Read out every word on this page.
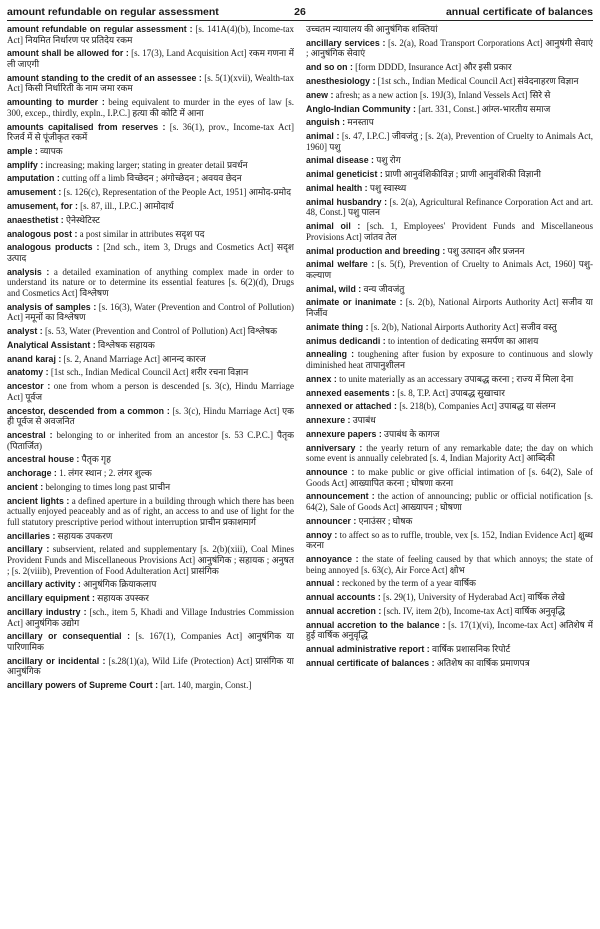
amount refundable on regular assessment	26	annual certificate of balances
amount refundable on regular assessment : [s. 141A(4)(b), Income-tax Act] नियमित निर्धारण पर प्रतिदेय रकम
amount shall be allowed for : [s. 17(3), Land Acquisition Act] रकम गणना में ली जाएगी
amount standing to the credit of an assessee : [s. 5(1)(xvii), Wealth-tax Act] किसी निर्धारिती के नाम जमा रकम
amounting to murder : being equivalent to murder in the eyes of law [s. 300, excep., thirdly, expln., I.P.C.] हत्या की कोटि में आना
amounts capitalised from reserves : [s. 36(1), prov., Income-tax Act] रिजर्व में से पूंजीकृत रकमें
ample : व्यापक
amplify : increasing; making larger; stating in greater detail प्रवर्धन
amputation : cutting off a limb विच्छेदन ; अंगोच्छेदन ; अवयव छेदन
amusement : [s. 126(c), Representation of the People Act, 1951] आमोद-प्रमोद
amusement, for : [s. 87, ill., I.P.C.] आमोदार्थ
anaesthetist : ऐनेस्थेटिस्ट
analogous post : a post similar in attributes सदृश पद
analogous products : [2nd sch., item 3, Drugs and Cosmetics Act] सदृश उत्पाद
analysis : a detailed examination of anything complex made in order to understand its nature or to determine its essential features [s. 6(2)(d), Drugs and Cosmetics Act] विश्लेषण
analysis of samples : [s. 16(3), Water (Prevention and Control of Pollution) Act] नमूनों का विश्लेषण
analyst : [s. 53, Water (Prevention and Control of Pollution) Act] विश्लेषक
Analytical Assistant : विश्लेषक सहायक
anand karaj : [s. 2, Anand Marriage Act] आनन्द कारज
anatomy : [1st sch., Indian Medical Council Act] शरीर रचना विज्ञान
ancestor : one from whom a person is descended [s. 3(c), Hindu Marriage Act] पूर्वज
ancestor, descended from a common : [s. 3(c), Hindu Marriage Act] एक ही पूर्वज से अवजनित
ancestral : belonging to or inherited from an ancestor [s. 53 C.P.C.] पैतृक (पितार्जित)
ancestral house : पैतृक गृह
anchorage : 1. लंगर स्थान ; 2. लंगर शुल्क
ancient : belonging to times long past प्राचीन
ancient lights : a defined aperture in a building through which there has been actually enjoyed peaceably and as of right, an access to and use of light for the full statutory prescriptive period without interruption प्राचीन प्रकाशमार्ग
ancillaries : सहायक उपकरण
ancillary : subservient, related and supplementary [s. 2(b)(xiii), Coal Mines Provident Funds and Miscellaneous Provisions Act] आनुषंगिक ; सहायक ; अनुषत ; [s. 2(viiib), Prevention of Food Adulteration Act] प्रासंगिक
ancillary activity : आनुषंगिक क्रियाकलाप
ancillary equipment : सहायक उपस्कर
ancillary industry : [sch., item 5, Khadi and Village Industries Commission Act] आनुषंगिक उद्योग
ancillary or consequential : [s. 167(1), Companies Act] आनुषंगिक या पारिणामिक
ancillary or incidental : [s.28(1)(a), Wild Life (Protection) Act] प्रासंगिक या आनुषंगिक
ancillary powers of Supreme Court : [art. 140, margin, Const.]
उच्चतम न्यायालय की आनुषंगिक शक्तियां
ancillary services : [s. 2(a), Road Transport Corporations Act] आनुषंगी सेवाएं ; आनुषंगिक सेवाएं
and so on : [form DDDD, Insurance Act] और इसी प्रकार
anesthesiology : [1st sch., Indian Medical Council Act] संवेदनाहरण विज्ञान
anew : afresh; as a new action [s. 19J(3), Inland Vessels Act] सिरे से
Anglo-Indian Community : [art. 331, Const.] आंग्ल-भारतीय समाज
anguish : मनस्ताप
animal : [s. 47, I.P.C.] जीवजंतु ; [s. 2(a), Prevention of Cruelty to Animals Act, 1960] पशु
animal disease : पशु रोग
animal geneticist : प्राणी आनुवंशिकीविज्ञ ; प्राणी आनुवंशिकी विज्ञानी
animal health : पशु स्वास्थ्य
animal husbandry : [s. 2(a), Agricultural Refinance Corporation Act and art. 48, Const.] पशु पालन
animal oil : [sch. 1, Employees' Provident Funds and Miscellaneous Provisions Act] जांतव तेल
animal production and breeding : पशु उत्पादन और प्रजनन
animal welfare : [s. 5(f), Prevention of Cruelty to Animals Act, 1960] पशु-कल्याण
animal, wild : वन्य जीवजंतु
animate or inanimate : [s. 2(b), National Airports Authority Act] सजीव या निर्जीव
animate thing : [s. 2(b), National Airports Authority Act] सजीव वस्तु
animus dedicandi : to intention of dedicating समर्पण का आशय
annealing : toughening after fusion by exposure to continuous and slowly diminished heat तापानुशीलन
annex : to unite materially as an accessary उपाबद्ध करना ; राज्य में मिला देना
annexed easements : [s. 8, T.P. Act] उपाबद्ध सुखाचार
annexed or attached : [s. 218(b), Companies Act] उपाबद्ध या संलग्न
annexure : उपाबंध
annexure papers : उपाबंध के कागज
anniversary : the yearly return of any remarkable date; the day on which some event is annually celebrated [s. 4, Indian Majority Act] आब्दिकी
announce : to make public or give official intimation of [s. 64(2), Sale of Goods Act] आख्यापित करना ; घोषणा करना
announcement : the action of announcing; public or official notification [s. 64(2), Sale of Goods Act] आख्यापन ; घोषणा
announcer : एनाउंसर ; घोषक
annoy : to affect so as to ruffle, trouble, vex [s. 152, Indian Evidence Act] क्षुब्ध करना
annoyance : the state of feeling caused by that which annoys; the state of being annoyed [s. 63(c), Air Force Act] क्षोभ
annual : reckoned by the term of a year वार्षिक
annual accounts : [s. 29(1), University of Hyderabad Act] वार्षिक लेखे
annual accretion : [sch. IV, item 2(b), Income-tax Act] वार्षिक अनुवृद्धि
annual accretion to the balance : [s. 17(1)(vi), Income-tax Act] अतिशेष में हुई वार्षिक अनुवृद्धि
annual administrative report : वार्षिक प्रशासनिक रिपोर्ट
annual certificate of balances : अतिशेष का वार्षिक प्रमाणपत्र
